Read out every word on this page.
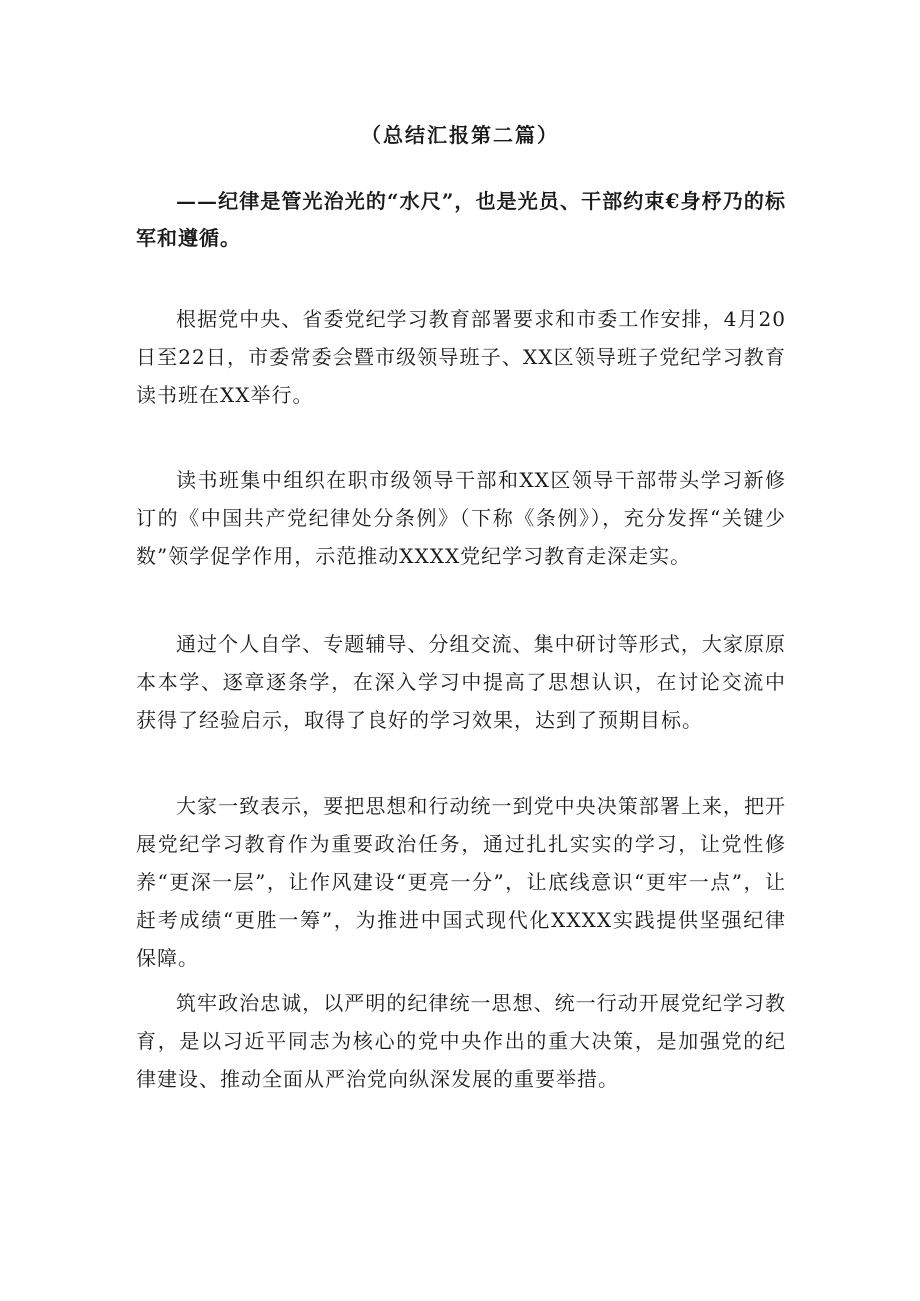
（总结汇报第二篇）
——纪律是管光治光的“水尺”，也是光员、干部约束€身杼乃的标军和遵循。
根据党中央、省委党纪学习教育部署要求和市委工作安排，4月20日至22日，市委常委会暨市级领导班子、XX区领导班子党纪学习教育读书班在XX举行。
读书班集中组织在职市级领导干部和XX区领导干部带头学习新修订的《中国共产党纪律处分条例》（下称《条例》），充分发挥“关键少数”领学促学作用，示范推动XXXX党纪学习教育走深走实。
通过个人自学、专题辅导、分组交流、集中研讨等形式，大家原原本本学、逐章逐条学，在深入学习中提高了思想认识，在讨论交流中获得了经验启示，取得了良好的学习效果，达到了预期目标。
大家一致表示，要把思想和行动统一到党中央决策部署上来，把开展党纪学习教育作为重要政治任务，通过扎扎实实的学习，让党性修养“更深一层”，让作风建设“更亮一分”，让底线意识“更牢一点”，让赶考成绩“更胜一筹”，为推进中国式现代化XXXX实践提供坚强纪律保障。
筑牢政治忠诚，以严明的纪律统一思想、统一行动开展党纪学习教育，是以习近平同志为核心的党中央作出的重大决策，是加强党的纪律建设、推动全面从严治党向纵深发展的重要举措。
